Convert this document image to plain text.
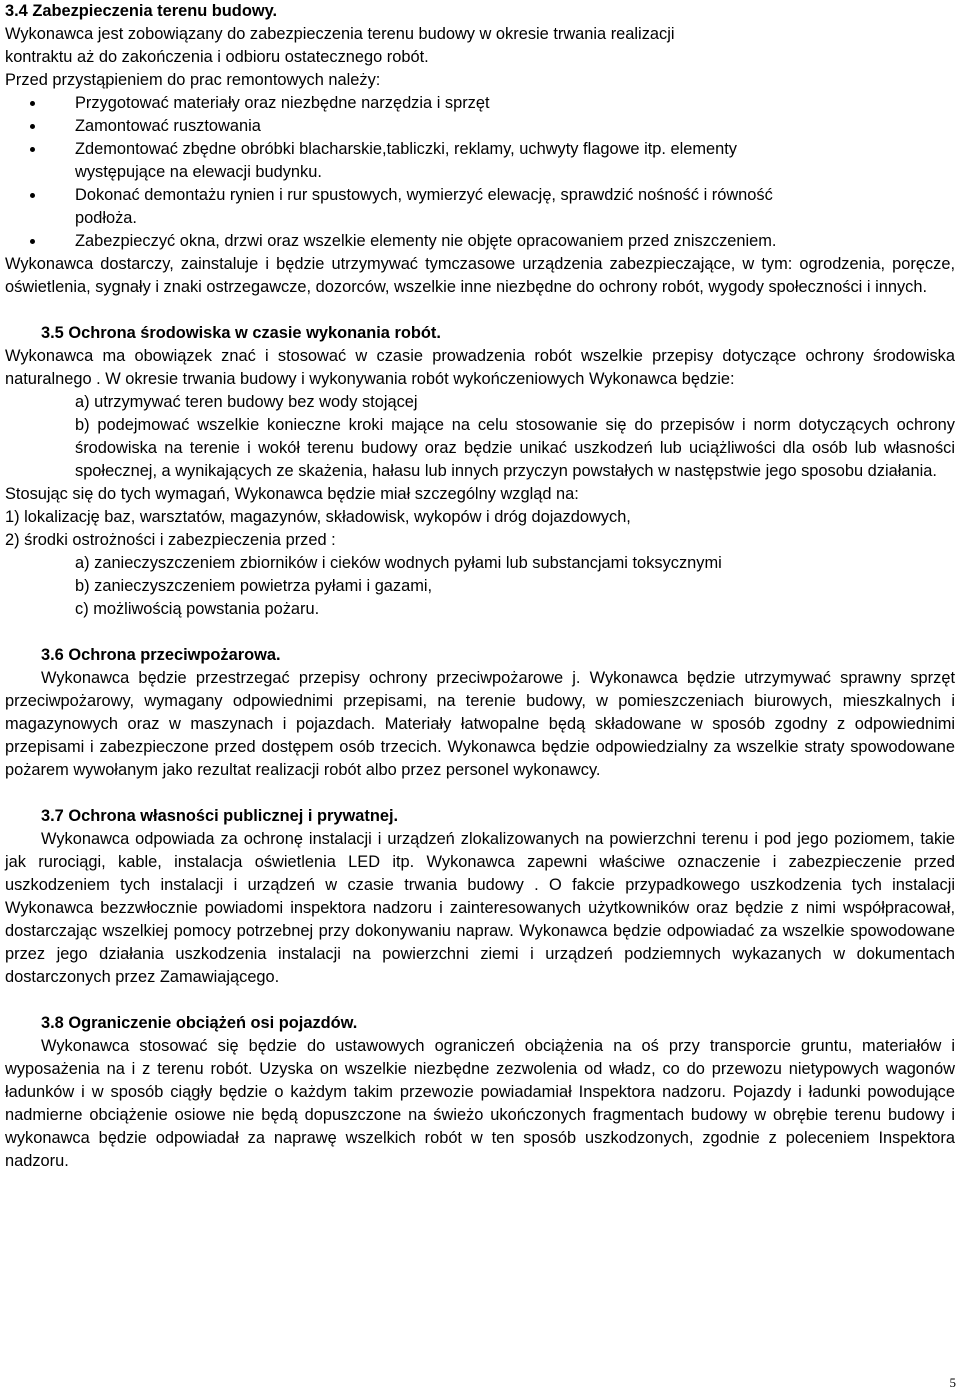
3.4 Zabezpieczenia terenu budowy.

Wykonawca jest zobowiązany do zabezpieczenia terenu budowy w okresie trwania realizacji

kontraktu aż do zakończenia i odbioru ostatecznego robót.

Przed przystąpieniem do prac remontowych należy:

Przygotować materiały oraz niezbędne narzędzia i sprzęt
Zamontować rusztowania
Zdemontować zbędne obróbki blacharskie,tabliczki, reklamy, uchwyty flagowe itp. elementy
występujące na elewacji budynku.
Dokonać demontażu rynien i rur spustowych, wymierzyć elewację, sprawdzić nośność i równość
podłoża.
Zabezpieczyć okna, drzwi oraz wszelkie elementy nie objęte opracowaniem przed zniszczeniem.

Wykonawca dostarczy, zainstaluje i będzie utrzymywać tymczasowe urządzenia zabezpieczające, w tym: ogrodzenia, poręcze, oświetlenia, sygnały i znaki ostrzegawcze, dozorców, wszelkie inne niezbędne do ochrony robót, wygody społeczności i innych.

3.5 Ochrona środowiska w czasie wykonania robót.

Wykonawca ma obowiązek znać i stosować w czasie prowadzenia robót wszelkie przepisy dotyczące ochrony środowiska naturalnego . W okresie trwania budowy i wykonywania robót wykończeniowych Wykonawca będzie:

a) utrzymywać teren budowy bez wody stojącej

b) podejmować wszelkie konieczne kroki mające na celu stosowanie się do przepisów i norm dotyczących ochrony środowiska na terenie i wokół terenu budowy oraz będzie unikać uszkodzeń lub uciążliwości dla osób lub własności społecznej, a wynikających ze skażenia, hałasu lub innych przyczyn powstałych w następstwie jego sposobu działania.

Stosując się do tych wymagań, Wykonawca będzie miał szczególny wzgląd na:

1) lokalizację baz, warsztatów, magazynów, składowisk, wykopów i dróg dojazdowych,

2) środki ostrożności i zabezpieczenia przed :

a) zanieczyszczeniem zbiorników i cieków wodnych pyłami lub substancjami toksycznymi

b) zanieczyszczeniem powietrza pyłami i gazami,

c) możliwością powstania pożaru.

3.6 Ochrona przeciwpożarowa.

Wykonawca będzie przestrzegać przepisy ochrony przeciwpożarowe j. Wykonawca będzie utrzymywać sprawny sprzęt przeciwpożarowy, wymagany odpowiednimi przepisami, na terenie budowy, w pomieszczeniach biurowych, mieszkalnych i magazynowych oraz w maszynach i pojazdach. Materiały łatwopalne będą składowane w sposób zgodny z odpowiednimi przepisami i zabezpieczone przed dostępem osób trzecich. Wykonawca będzie odpowiedzialny za wszelkie straty spowodowane pożarem wywołanym jako rezultat realizacji robót albo przez personel wykonawcy.

3.7 Ochrona własności publicznej i prywatnej.

Wykonawca odpowiada za ochronę instalacji i urządzeń zlokalizowanych na powierzchni terenu i pod jego poziomem, takie jak rurociągi, kable, instalacja oświetlenia LED itp. Wykonawca zapewni właściwe oznaczenie i zabezpieczenie przed uszkodzeniem tych instalacji i urządzeń w czasie trwania budowy . O fakcie przypadkowego uszkodzenia tych instalacji Wykonawca bezzwłocznie powiadomi inspektora nadzoru i zainteresowanych użytkowników oraz będzie z nimi współpracował, dostarczając wszelkiej pomocy potrzebnej przy dokonywaniu napraw. Wykonawca będzie odpowiadać za wszelkie spowodowane przez jego działania uszkodzenia instalacji na powierzchni ziemi i urządzeń podziemnych wykazanych w dokumentach dostarczonych przez Zamawiającego.

3.8 Ograniczenie obciążeń osi pojazdów.

Wykonawca stosować się będzie do ustawowych ograniczeń obciążenia na oś przy transporcie gruntu, materiałów i wyposażenia na i z terenu robót. Uzyska on wszelkie niezbędne zezwolenia od władz, co do przewozu nietypowych wagonów ładunków i w sposób ciągły będzie o każdym takim przewozie powiadamiał Inspektora nadzoru. Pojazdy i ładunki powodujące nadmierne obciążenie osiowe nie będą dopuszczone na świeżo ukończonych fragmentach budowy w obrębie terenu budowy i wykonawca będzie odpowiadał za naprawę wszelkich robót w ten sposób uszkodzonych, zgodnie z poleceniem Inspektora nadzoru.

5
